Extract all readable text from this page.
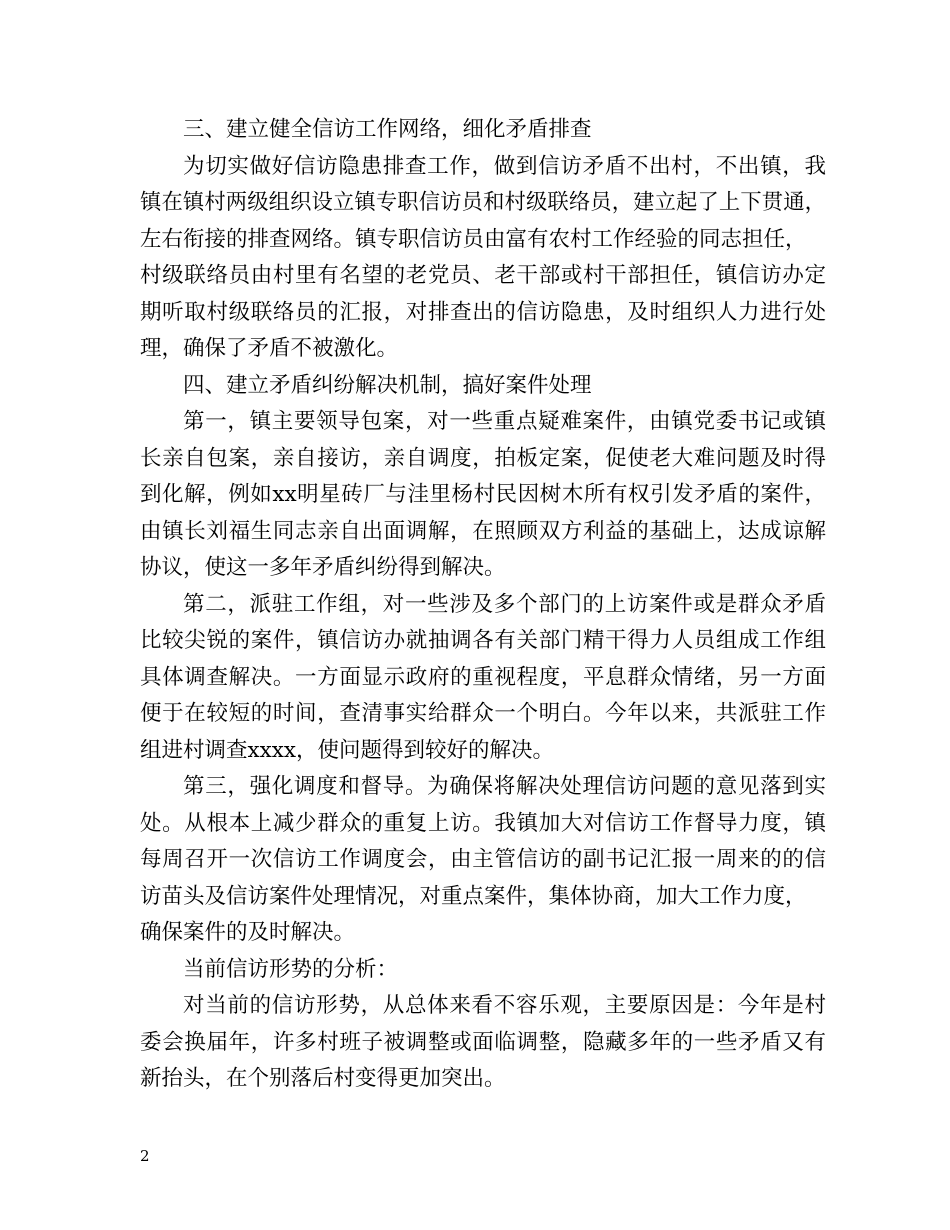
三、建立健全信访工作网络，细化矛盾排查
为切实做好信访隐患排查工作，做到信访矛盾不出村，不出镇，我
镇在镇村两级组织设立镇专职信访员和村级联络员，建立起了上下贯通，
左右衔接的排查网络。镇专职信访员由富有农村工作经验的同志担任，
村级联络员由村里有名望的老党员、老干部或村干部担任，镇信访办定
期听取村级联络员的汇报，对排查出的信访隐患，及时组织人力进行处
理，确保了矛盾不被激化。
四、建立矛盾纠纷解决机制，搞好案件处理
第一，镇主要领导包案，对一些重点疑难案件，由镇党委书记或镇
长亲自包案，亲自接访，亲自调度，拍板定案，促使老大难问题及时得
到化解，例如xx明星砖厂与洼里杨村民因树木所有权引发矛盾的案件，
由镇长刘福生同志亲自出面调解，在照顾双方利益的基础上，达成谅解
协议，使这一多年矛盾纠纷得到解决。
第二，派驻工作组，对一些涉及多个部门的上访案件或是群众矛盾
比较尖锐的案件，镇信访办就抽调各有关部门精干得力人员组成工作组
具体调查解决。一方面显示政府的重视程度，平息群众情绪，另一方面
便于在较短的时间，查清事实给群众一个明白。今年以来，共派驻工作
组进村调查xxxx，使问题得到较好的解决。
第三，强化调度和督导。为确保将解决处理信访问题的意见落到实
处。从根本上减少群众的重复上访。我镇加大对信访工作督导力度，镇
每周召开一次信访工作调度会，由主管信访的副书记汇报一周来的的信
访苗头及信访案件处理情况，对重点案件，集体协商，加大工作力度，
确保案件的及时解决。
当前信访形势的分析：
对当前的信访形势，从总体来看不容乐观，主要原因是：今年是村
委会换届年，许多村班子被调整或面临调整，隐藏多年的一些矛盾又有
新抬头，在个别落后村变得更加突出。
2
